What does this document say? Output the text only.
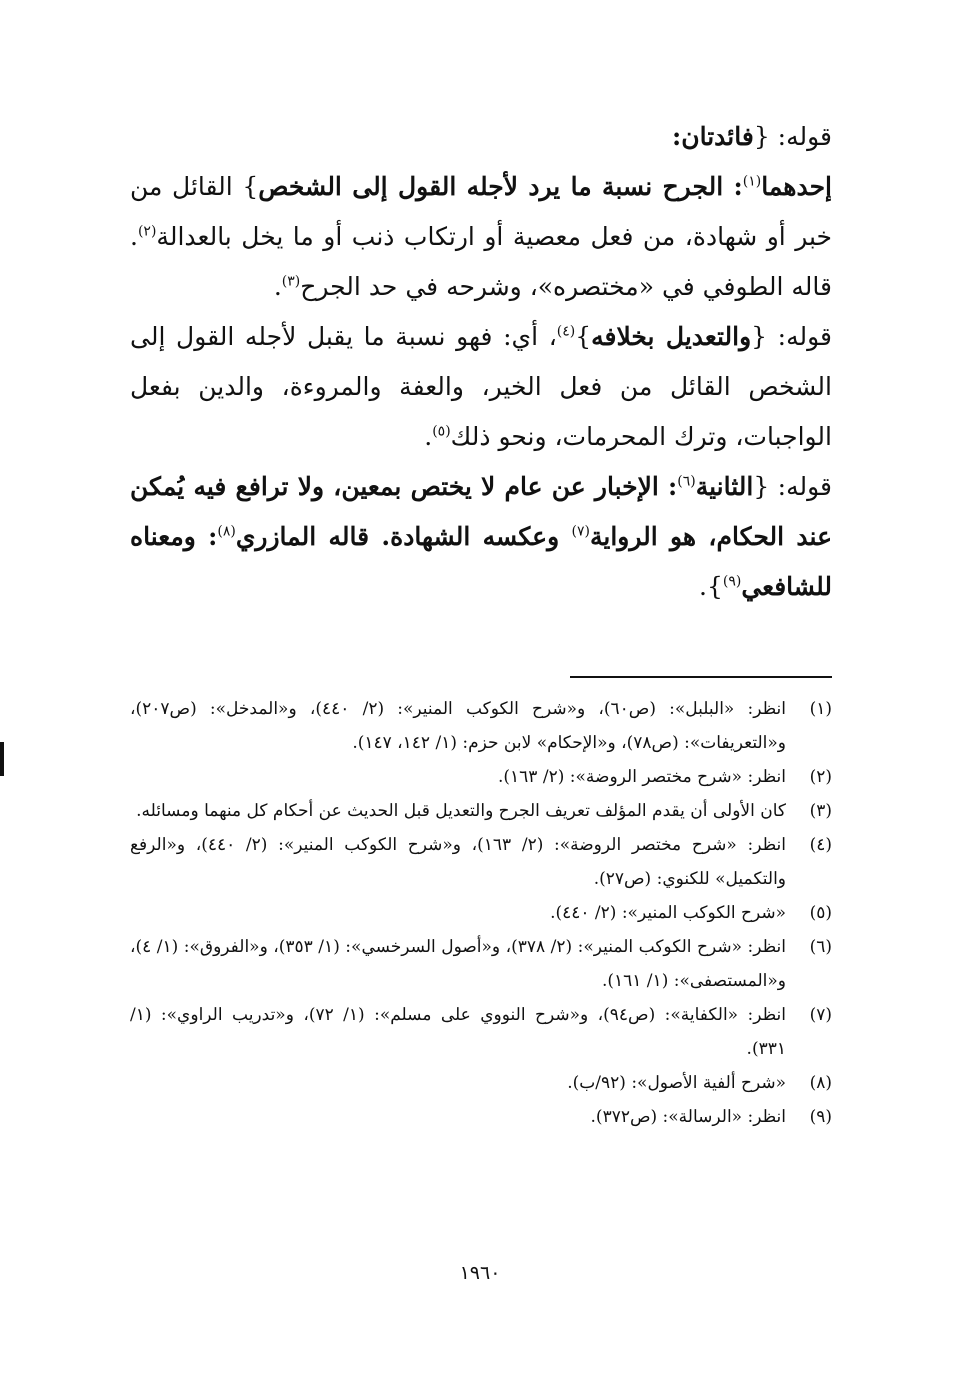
قوله: {فائدتان:

إحدهما$^{(١)}$: الجرح نسبة ما يرد لأجله القول إلى الشخص} القائل من خبر أو شهادة، من فعل معصية أو ارتكاب ذنب أو ما يخل بالعدالة$^{(٢)}$. قاله الطوفي في «مختصره»، وشرحه في حد الجرح$^{(٣)}$.

قوله: {والتعديل بخلافه}$^{(٤)}$، أي: فهو نسبة ما يقبل لأجله القول إلى الشخص القائل من فعل الخير، والعفة والمروءة، والدين بفعل الواجبات، وترك المحرمات، ونحو ذلك$^{(٥)}$.

قوله: {الثانية$^{(٦)}$: الإخبار عن عام لا يختص بمعين، ولا ترافع فيه يُمكن عند الحكام، هو الرواية$^{(٧)}$ وعكسه الشهادة. قاله المازري$^{(٨)}$: ومعناه للشافعي$^{(٩)}$}.

(١)
انظر: «البلبل»: (ص٦٠)، و«شرح الكوكب المنير»: (٢/ ٤٤٠)، و«المدخل»: (ص٢٠٧)، و«التعريفات»: (ص٧٨)، و«الإحكام» لابن حزم: (١/ ١٤٢، ١٤٧).
(٢)
انظر: «شرح مختصر الروضة»: (٢/ ١٦٣).
(٣)
كان الأولى أن يقدم المؤلف تعريف الجرح والتعديل قبل الحديث عن أحكام كل منهما ومسائله.
(٤)
انظر: «شرح مختصر الروضة»: (٢/ ١٦٣)، و«شرح الكوكب المنير»: (٢/ ٤٤٠)، و«الرفع والتكميل» للكنوي: (ص٢٧).
(٥)
«شرح الكوكب المنير»: (٢/ ٤٤٠).
(٦)
انظر: «شرح الكوكب المنير»: (٢/ ٣٧٨)، و«أصول السرخسي»: (١/ ٣٥٣)، و«الفروق»: (١/ ٤)، و«المستصفى»: (١/ ١٦١).
(٧)
انظر: «الكفاية»: (ص٩٤)، و«شرح النووي على مسلم»: (١/ ٧٢)، و«تدريب الراوي»: (١/ ٣٣١).
(٨)
«شرح ألفية الأصول»: (٩٢/ب).
(٩)
انظر: «الرسالة»: (ص٣٧٢).
١٩٦٠
